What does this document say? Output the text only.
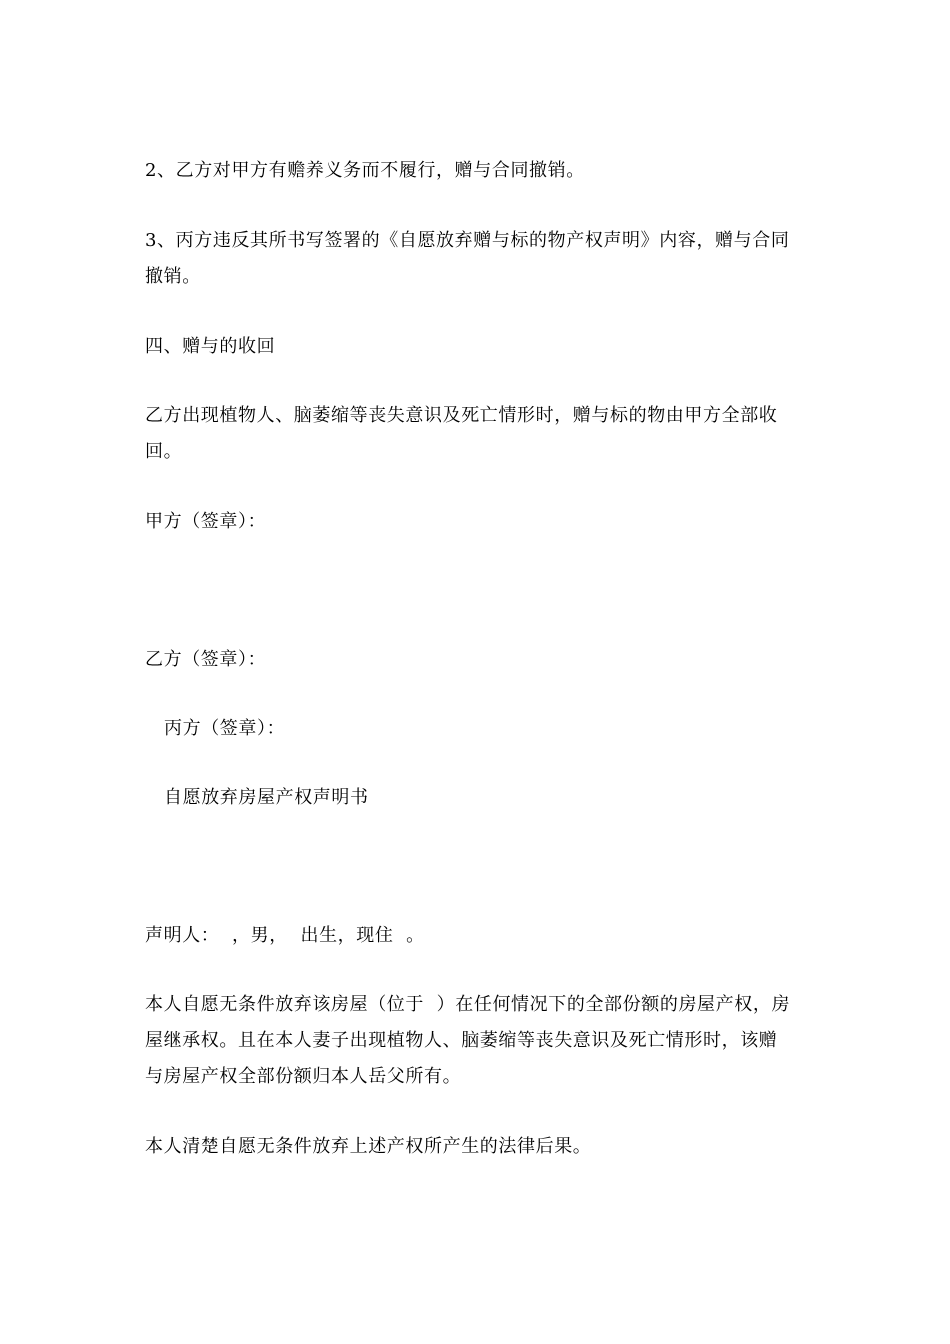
2、乙方对甲方有赡养义务而不履行，赠与合同撤销。
3、丙方违反其所书写签署的《自愿放弃赠与标的物产权声明》内容，赠与合同
撤销。
四、赠与的收回
乙方出现植物人、脑萎缩等丧失意识及死亡情形时，赠与标的物由甲方全部收
回。
甲方（签章）：
乙方（签章）：
丙方（签章）：
自愿放弃房屋产权声明书
声明人：  ，男，  出生，现住  。
本人自愿无条件放弃该房屋（位于  ）在任何情况下的全部份额的房屋产权，房
屋继承权。且在本人妻子出现植物人、脑萎缩等丧失意识及死亡情形时，该赠
与房屋产权全部份额归本人岳父所有。
本人清楚自愿无条件放弃上述产权所产生的法律后果。
